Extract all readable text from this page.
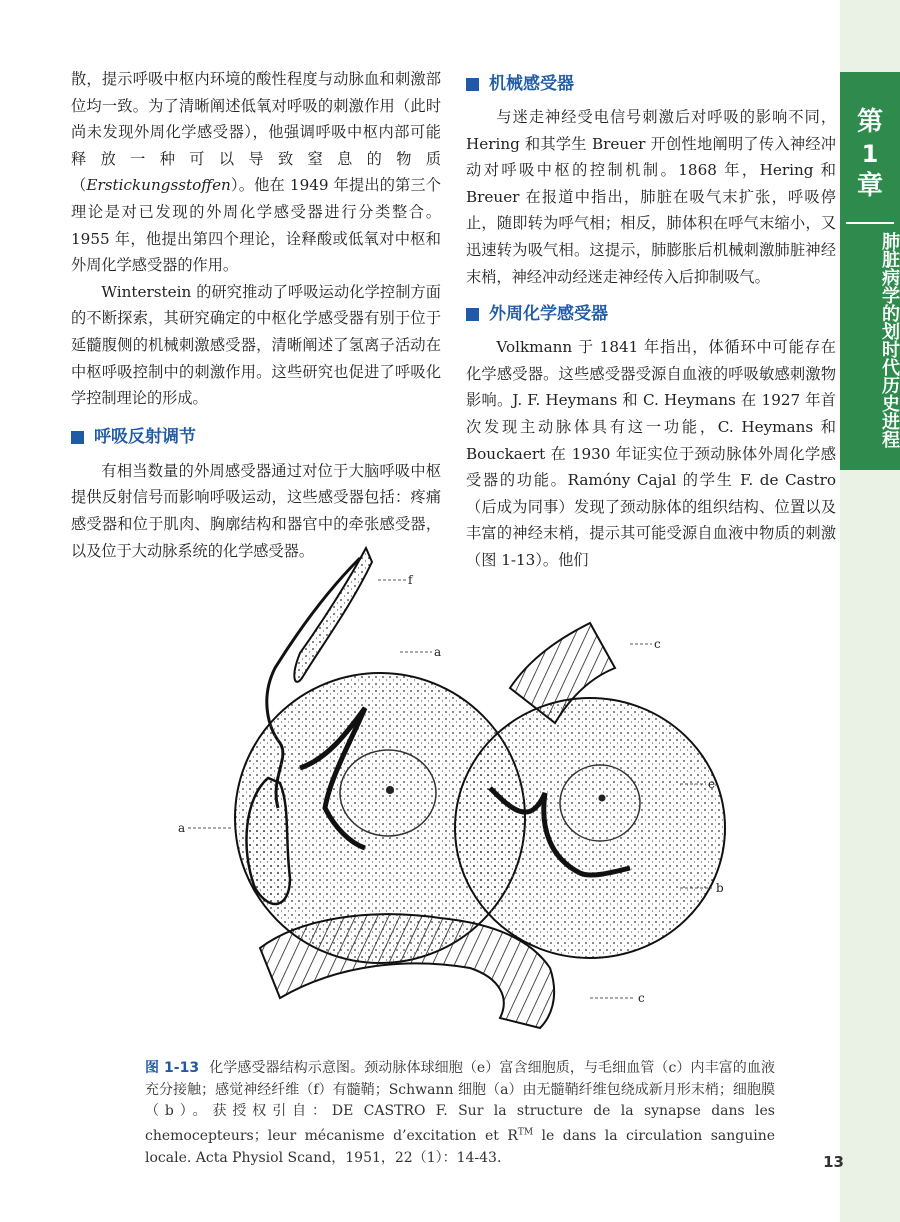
第
1
章
肺脏病学的划时代历史进程

散，提示呼吸中枢内环境的酸性程度与动脉血和刺激部位均一致。为了清晰阐述低氧对呼吸的刺激作用（此时尚未发现外周化学感受器），他强调呼吸中枢内部可能释放一种可以导致窒息的物质（Erstickungsstoffen）。他在 1949 年提出的第三个理论是对已发现的外周化学感受器进行分类整合。1955 年，他提出第四个理论，诠释酸或低氧对中枢和外周化学感受器的作用。

Winterstein 的研究推动了呼吸运动化学控制方面的不断探索，其研究确定的中枢化学感受器有别于位于延髓腹侧的机械刺激感受器，清晰阐述了氢离子活动在中枢呼吸控制中的刺激作用。这些研究也促进了呼吸化学控制理论的形成。

呼吸反射调节

有相当数量的外周感受器通过对位于大脑呼吸中枢提供反射信号而影响呼吸运动，这些感受器包括：疼痛感受器和位于肌肉、胸廓结构和器官中的牵张感受器，以及位于大动脉系统的化学感受器。

机械感受器

与迷走神经受电信号刺激后对呼吸的影响不同，Hering 和其学生 Breuer 开创性地阐明了传入神经冲动对呼吸中枢的控制机制。1868 年，Hering 和 Breuer 在报道中指出，肺脏在吸气末扩张，呼吸停止，随即转为呼气相；相反，肺体积在呼气末缩小，又迅速转为吸气相。这提示，肺膨胀后机械刺激肺脏神经末梢，神经冲动经迷走神经传入后抑制吸气。

外周化学感受器

Volkmann 于 1841 年指出，体循环中可能存在化学感受器。这些感受器受源自血液的呼吸敏感刺激物影响。J. F. Heymans 和 C. Heymans 在 1927 年首次发现主动脉体具有这一功能，C. Heymans 和 Bouckaert 在 1930 年证实位于颈动脉体外周化学感受器的功能。Ramóny Cajal 的学生 F. de Castro（后成为同事）发现了颈动脉体的组织结构、位置以及丰富的神经末梢，提示其可能受源自血液中物质的刺激（图 1-13）。他们

f
a
c
e
a
b
c
图 1-13 化学感受器结构示意图。颈动脉体球细胞（e）富含细胞质，与毛细血管（c）内丰富的血液充分接触；感觉神经纤维（f）有髓鞘；Schwann 细胞（a）由无髓鞘纤维包绕成新月形末梢；细胞膜（b）。获授权引自：DE CASTRO F. Sur la structure de la synapse dans les chemocepteurs；leur mécanisme d’excitation et R™ le dans la circulation sanguine locale. Acta Physiol Scand，1951，22（1）：14-43.	13
